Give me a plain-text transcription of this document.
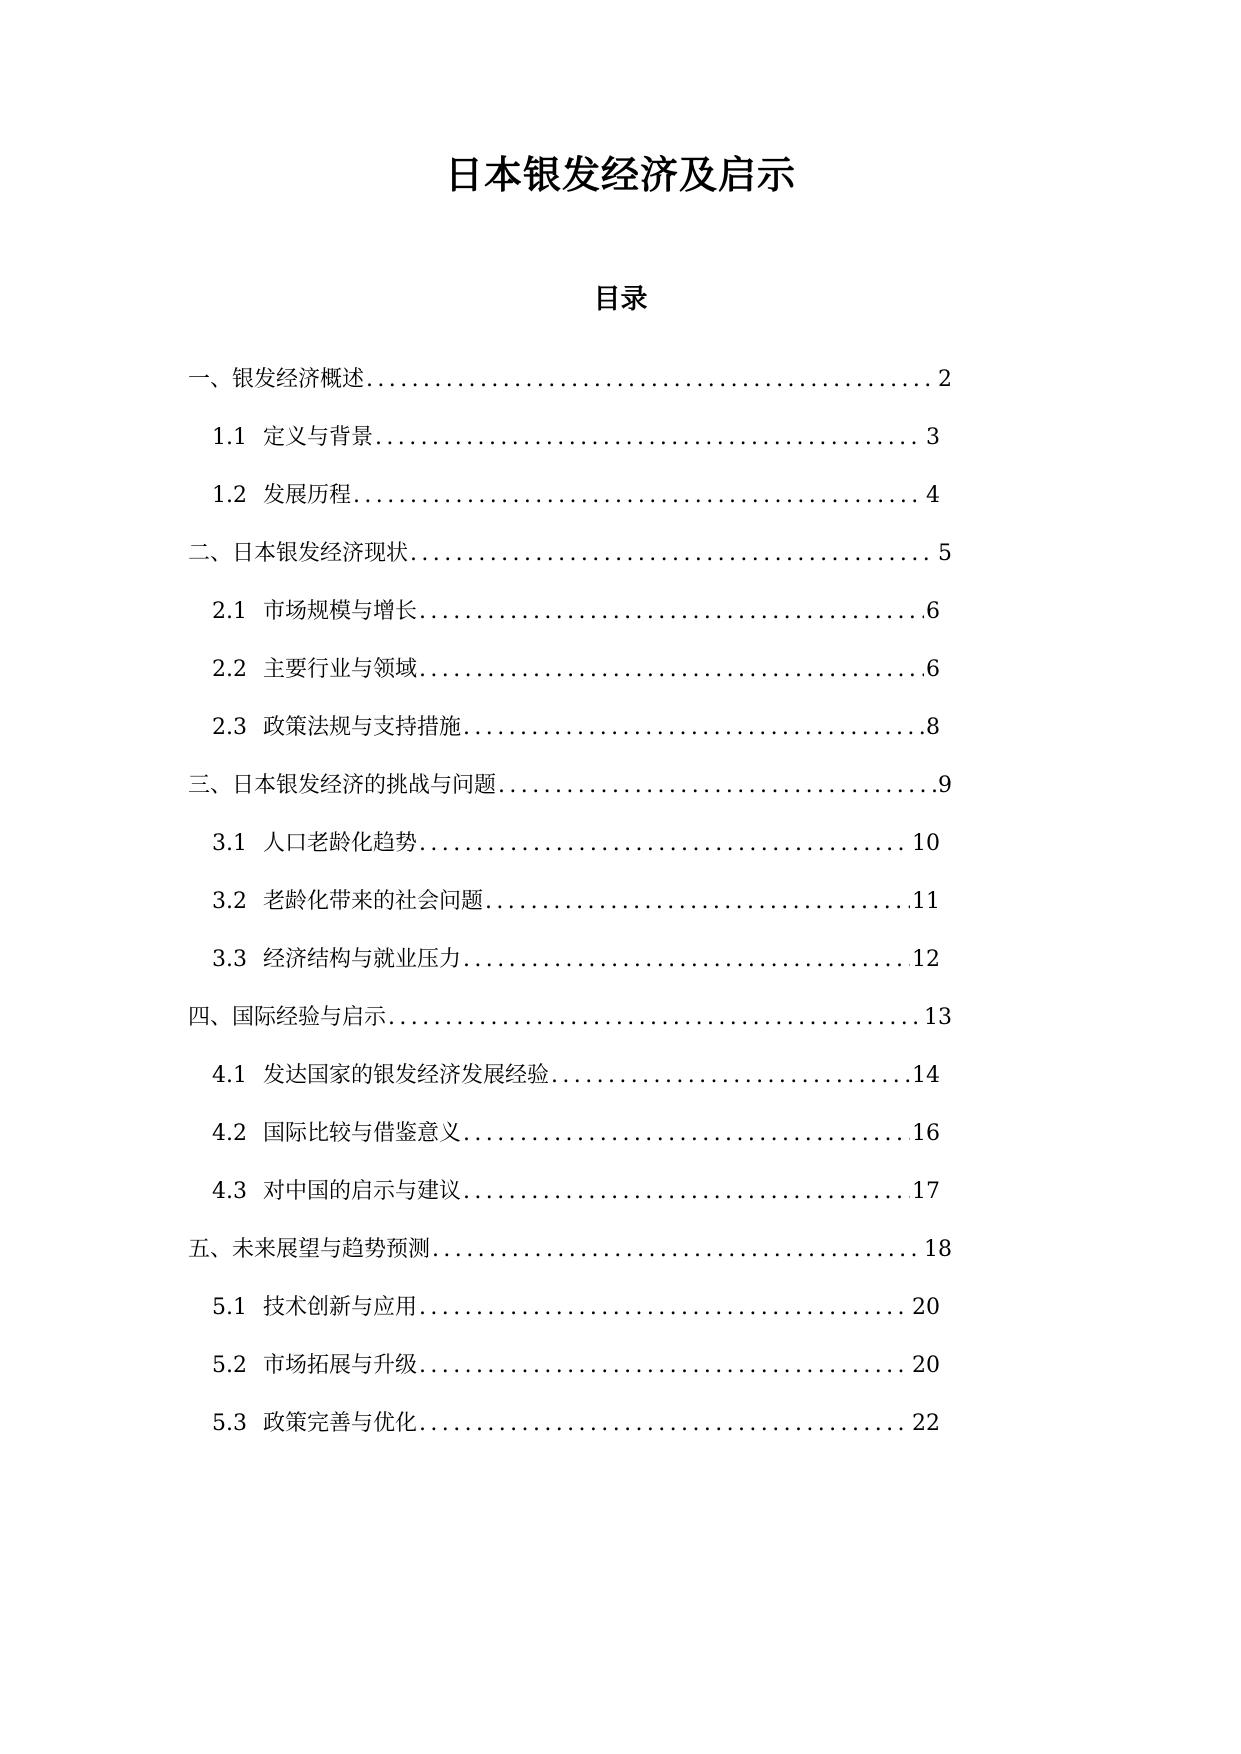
日本银发经济及启示
目录
一、银发经济概述 .....	2
1.1 定义与背景 .....	3
1.2 发展历程 .....	4
二、日本银发经济现状 .....	5
2.1 市场规模与增长 .....	6
2.2 主要行业与领域 .....	6
2.3 政策法规与支持措施 .....	8
三、日本银发经济的挑战与问题 .....	9
3.1 人口老龄化趋势 .....	10
3.2 老龄化带来的社会问题 .....	11
3.3 经济结构与就业压力 .....	12
四、国际经验与启示 .....	13
4.1 发达国家的银发经济发展经验 .....	14
4.2 国际比较与借鉴意义 .....	16
4.3 对中国的启示与建议 .....	17
五、未来展望与趋势预测 .....	18
5.1 技术创新与应用 .....	20
5.2 市场拓展与升级 .....	20
5.3 政策完善与优化 .....	22
